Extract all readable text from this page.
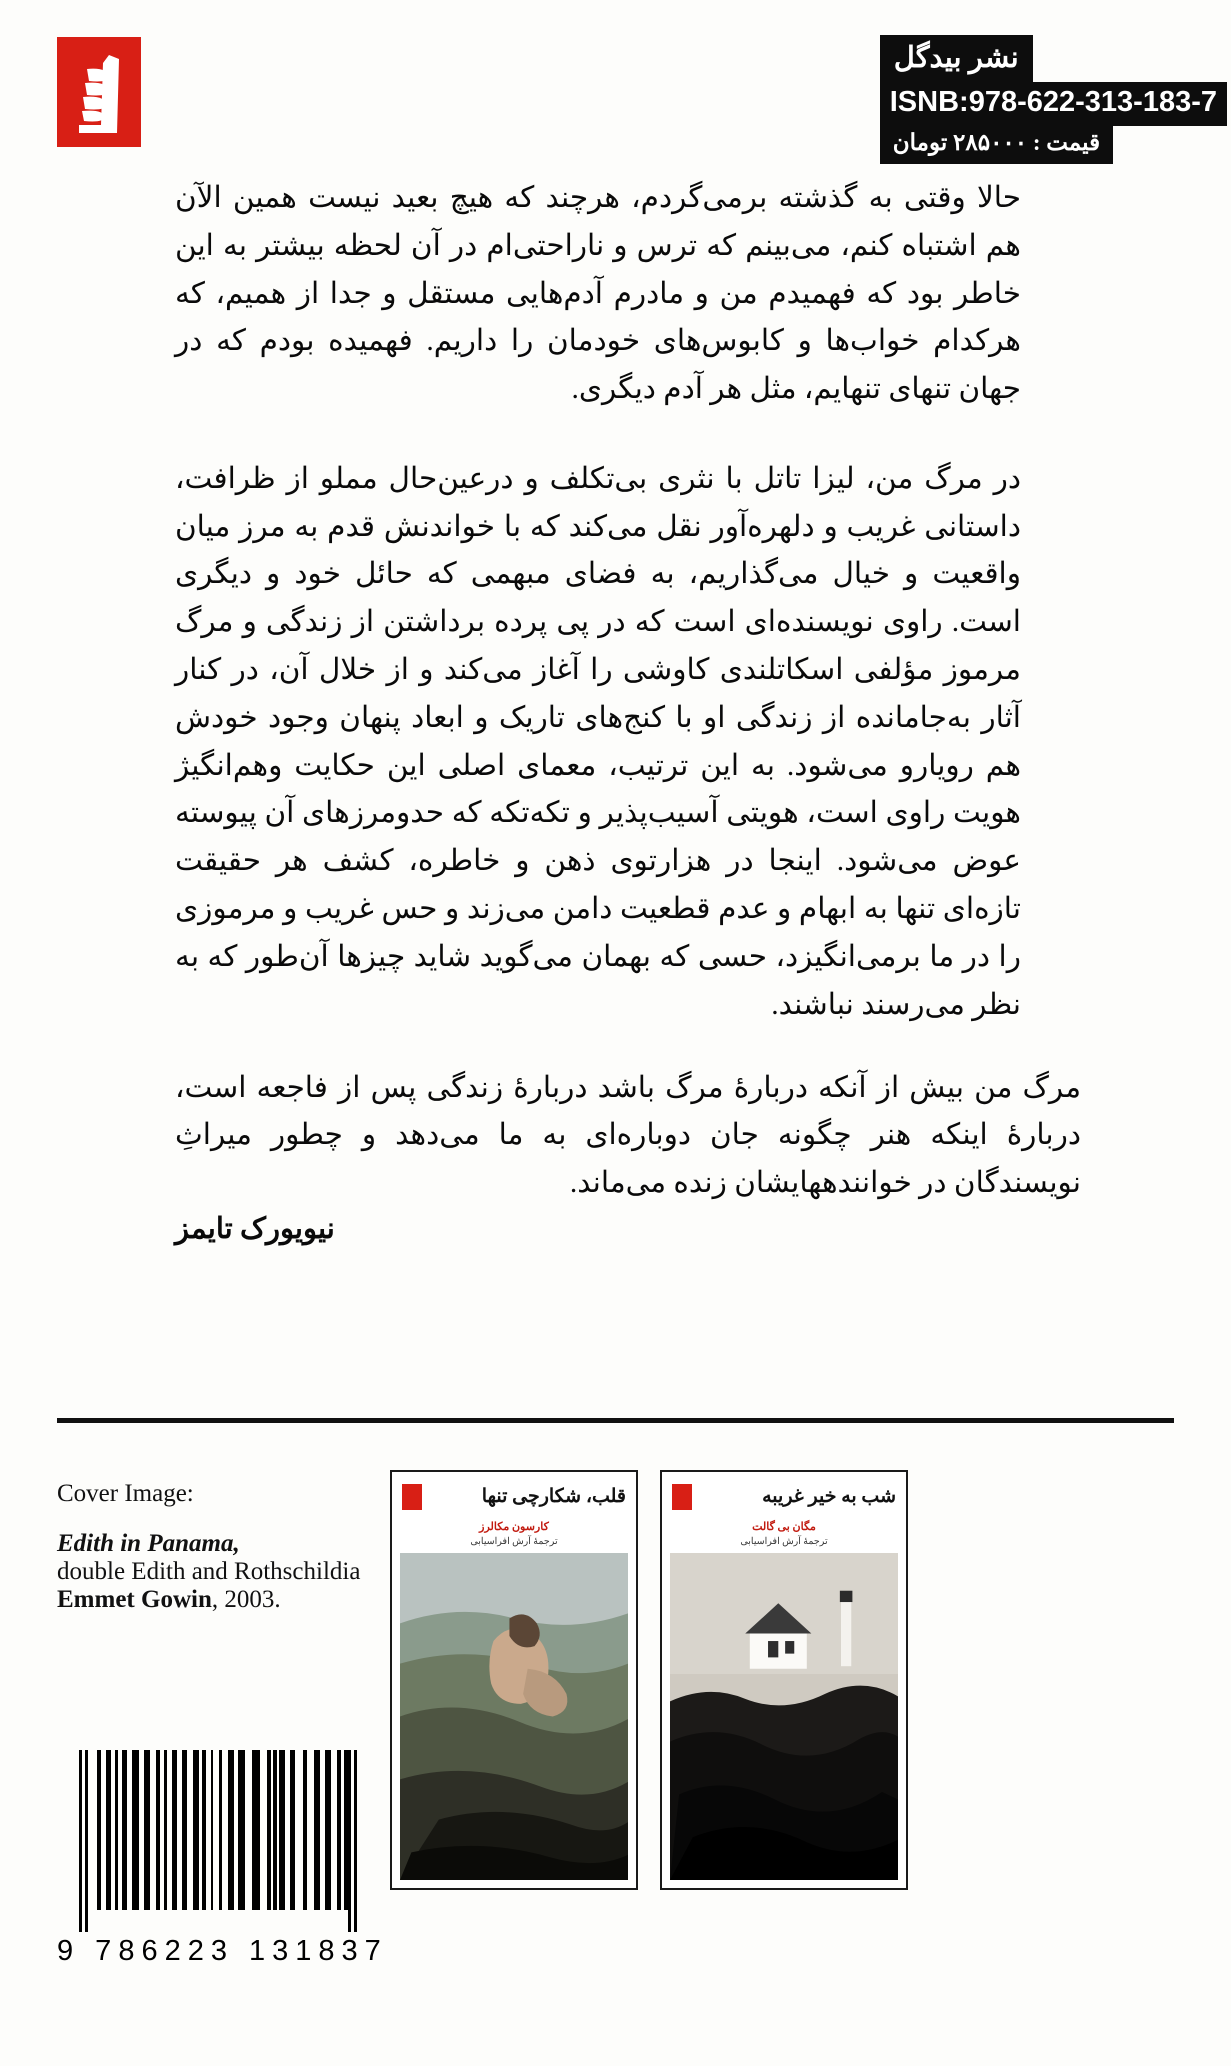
نشر بیدگل
ISNB:978-622-313-183-7
قیمت : ۲۸۵۰۰۰ تومان

حالا وقتی به گذشته برمی‌گردم، هرچند که هیچ بعید نیست همین الآن هم اشتباه کنم، می‌بینم که ترس و ناراحتی‌ام در آن لحظه بیشتر به این خاطر بود که فهمیدم من و مادرم آدم‌هایی مستقل و جدا از همیم، که هرکدام خواب‌ها و کابوس‌های خودمان را داریم. فهمیده بودم که در جهان تنهای تنهایم، مثل هر آدم دیگری.

در مرگ من، لیزا تاتل با نثری بی‌تکلف و درعین‌حال مملو از ظرافت، داستانی غریب و دلهره‌آور نقل می‌کند که با خواندنش قدم به مرز میان واقعیت و خیال می‌گذاریم، به فضای مبهمی که حائل خود و دیگری است. راوی نویسنده‌ای است که در پی پرده برداشتن از زندگی و مرگ مرموز مؤلفی اسکاتلندی کاوشی را آغاز می‌کند و از خلال آن، در کنار آثار به‌جامانده از زندگی او با کنج‌های تاریک و ابعاد پنهان وجود خودش هم رویارو می‌شود. به این ترتیب، معمای اصلی این حکایت وهم‌انگیژ هویت راوی است، هویتی آسیب‌پذیر و تکه‌تکه که حدومرزهای آن پیوسته عوض می‌شود. اینجا در هزارتوی ذهن و خاطره، کشف هر حقیقت تازه‌ای تنها به ابهام و عدم قطعیت دامن می‌زند و حس غریب و مرموزی را در ما برمی‌انگیزد، حسی که بهمان می‌گوید شاید چیزها آن‌طور که به نظر می‌رسند نباشند.

مرگ من بیش از آنکه دربارهٔ مرگ باشد دربارهٔ زندگی پس از فاجعه است، دربارهٔ اینکه هنر چگونه جان دوباره‌ای به ما می‌دهد و چطور میراثِ نویسندگان در خوانندههایشان زنده می‌ماند.

نیویورک تایمز
Cover Image:
Edith in Panama,
double Edith and Rothschildia
Emmet Gowin, 2003.
9 786223 131837
شب به خیر غریبه
مگان بی گالت
ترجمۀ آرش افراسیابی
قلب، شکارچی تنها
کارسون مکالرز
ترجمۀ آرش افراسیابی
